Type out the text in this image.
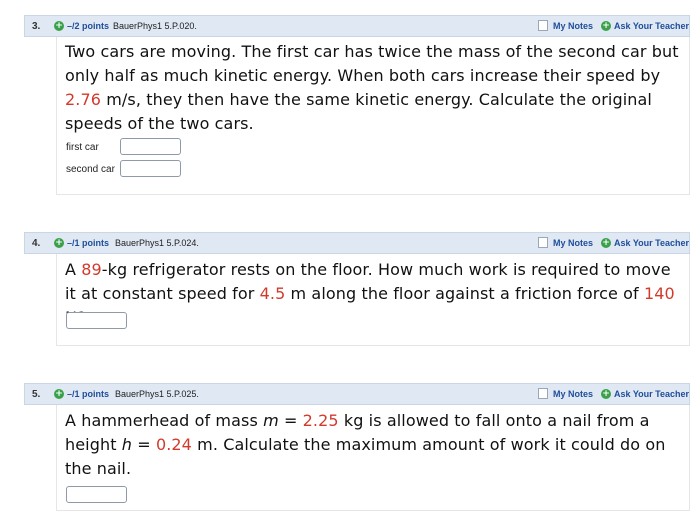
3. + –/2 points BauerPhys1 5.P.020.	My Notes + Ask Your Teacher
Two cars are moving. The first car has twice the mass of the second car but only half as much kinetic energy. When both cars increase their speed by 2.76 m/s, they then have the same kinetic energy. Calculate the original speeds of the two cars.
first car
second car
4. + –/1 points BauerPhys1 5.P.024.	My Notes + Ask Your Teacher
A 89-kg refrigerator rests on the floor. How much work is required to move it at constant speed for 4.5 m along the floor against a friction force of 140
5. + –/1 points BauerPhys1 5.P.025.	My Notes + Ask Your Teacher
A hammerhead of mass m = 2.25 kg is allowed to fall onto a nail from a height h = 0.24 m. Calculate the maximum amount of work it could do on the nail.
